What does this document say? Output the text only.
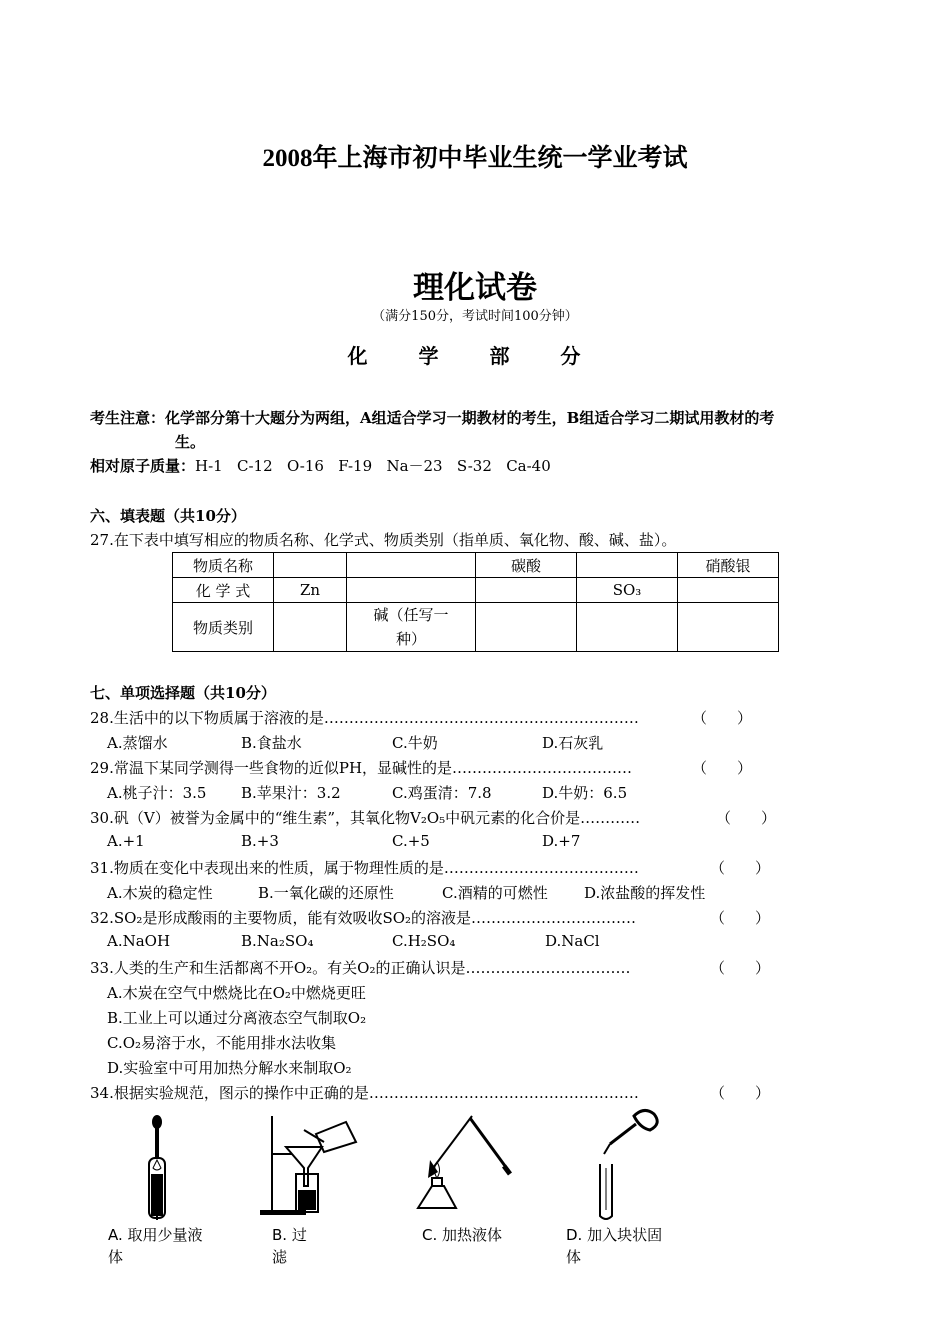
2008年上海市初中毕业生统一学业考试
理化试卷
（满分150分，考试时间100分钟）
化 学 部 分
考生注意：化学部分第十大题分为两组，A组适合学习一期教材的考生，B组适合学习二期试用教材的考
生。
相对原子质量：H-1   C-12   O-16   F-19   Na－23   S-32   Ca-40
六、填表题（共10分）
27.在下表中填写相应的物质名称、化学式、物质类别（指单质、氧化物、酸、碱、盐）。
物质名称			碳酸		硝酸银
化 学 式	Zn			SO₃	
物质类别		碱（任写一
种）			
七、单项选择题（共10分）
28.生活中的以下物质属于溶液的是………………………………………………………	（　　）
A.蒸馏水	B.食盐水	C.牛奶	D.石灰乳
29.常温下某同学测得一些食物的近似PH，显碱性的是………………………………	（　　）
A.桃子汁：3.5 B.苹果汁：3.2	C.鸡蛋清：7.8	D.牛奶：6.5
30.矾（V）被誉为金属中的“维生素”，其氧化物V₂O₅中矾元素的化合价是…………	（　　）
A.+1	B.+3	C.+5	D.+7
31.物质在变化中表现出来的性质，属于物理性质的是…………………………………	（　　）
A.木炭的稳定性	B.一氧化碳的还原性	C.酒精的可燃性 D.浓盐酸的挥发性
32.SO₂是形成酸雨的主要物质，能有效吸收SO₂的溶液是……………………………	（　　）
A.NaOH	B.Na₂SO₄	C.H₂SO₄	D.NaCl
33.人类的生产和生活都离不开O₂。有关O₂的正确认识是……………………………	（　　）
A.木炭在空气中燃烧比在O₂中燃烧更旺
B.工业上可以通过分离液态空气制取O₂
C.O₂易溶于水，不能用排水法收集
D.实验室中可用加热分解水来制取O₂
34.根据实验规范，图示的操作中正确的是………………………………………………	（　　）
A. 取用少量液
体
B. 过
滤
C. 加热液体	D. 加入块状固
体
